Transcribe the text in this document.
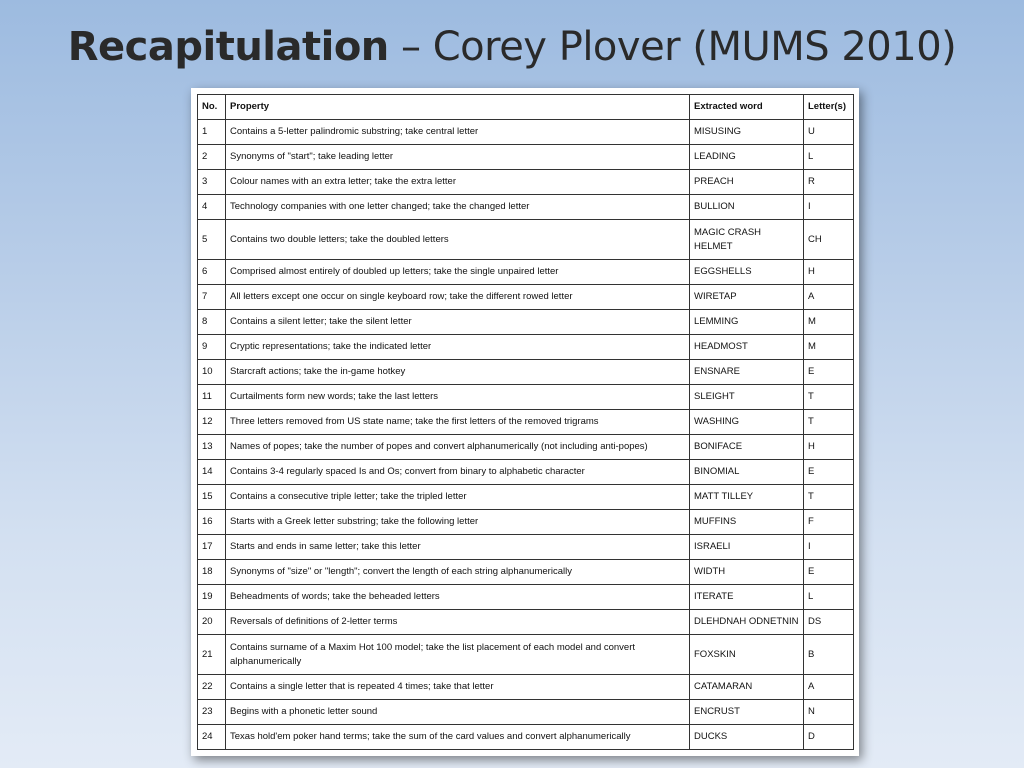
Recapitulation – Corey Plover (MUMS 2010)
No.	Property	Extracted word	Letter(s)
1	Contains a 5-letter palindromic substring; take central letter	MISUSING	U
2	Synonyms of "start"; take leading letter	LEADING	L
3	Colour names with an extra letter; take the extra letter	PREACH	R
4	Technology companies with one letter changed; take the changed letter	BULLION	I
5	Contains two double letters; take the doubled letters	MAGIC CRASH HELMET	CH
6	Comprised almost entirely of doubled up letters; take the single unpaired letter	EGGSHELLS	H
7	All letters except one occur on single keyboard row; take the different rowed letter	WIRETAP	A
8	Contains a silent letter; take the silent letter	LEMMING	M
9	Cryptic representations; take the indicated letter	HEADMOST	M
10	Starcraft actions; take the in-game hotkey	ENSNARE	E
11	Curtailments form new words; take the last letters	SLEIGHT	T
12	Three letters removed from US state name; take the first letters of the removed trigrams	WASHING	T
13	Names of popes; take the number of popes and convert alphanumerically (not including anti-popes)	BONIFACE	H
14	Contains 3-4 regularly spaced Is and Os; convert from binary to alphabetic character	BINOMIAL	E
15	Contains a consecutive triple letter; take the tripled letter	MATT TILLEY	T
16	Starts with a Greek letter substring; take the following letter	MUFFINS	F
17	Starts and ends in same letter; take this letter	ISRAELI	I
18	Synonyms of "size" or "length"; convert the length of each string alphanumerically	WIDTH	E
19	Beheadments of words; take the beheaded letters	ITERATE	L
20	Reversals of definitions of 2-letter terms	DLEHDNAH ODNETNIN	DS
21	Contains surname of a Maxim Hot 100 model; take the list placement of each model and convert alphanumerically	FOXSKIN	B
22	Contains a single letter that is repeated 4 times; take that letter	CATAMARAN	A
23	Begins with a phonetic letter sound	ENCRUST	N
24	Texas hold'em poker hand terms; take the sum of the card values and convert alphanumerically	DUCKS	D
